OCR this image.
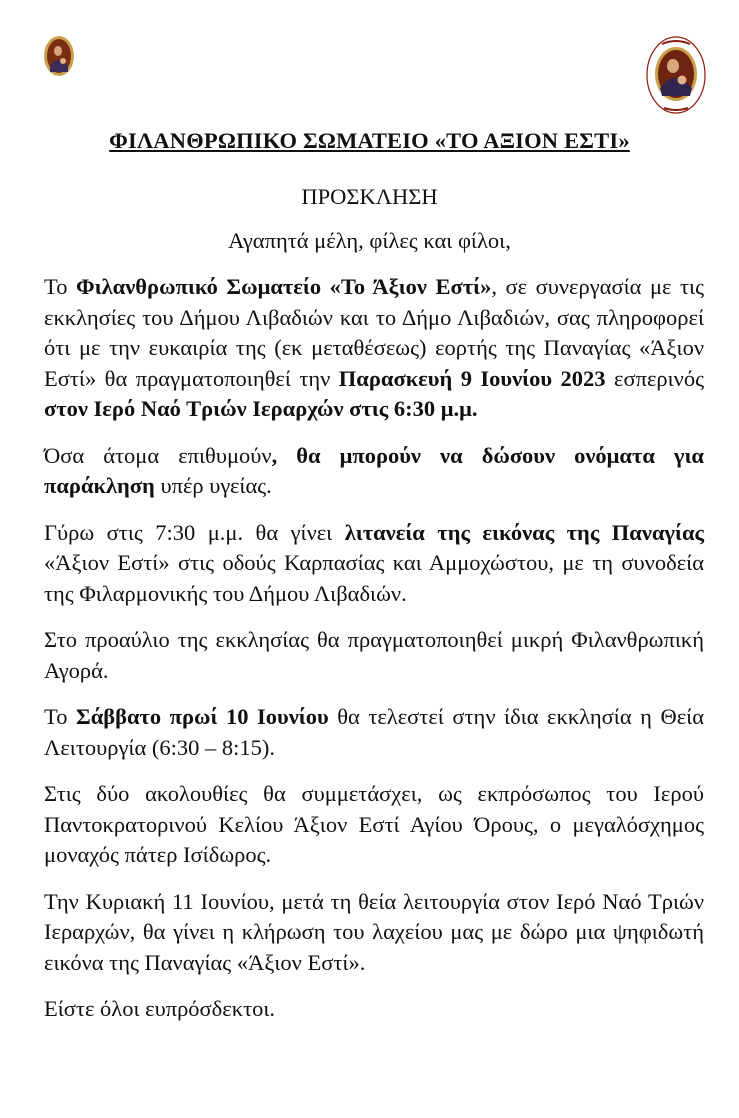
ΦΙΛΑΝΘΡΩΠΙΚΟ ΣΩΜΑΤΕΙΟ «ΤΟ ΑΞΙΟΝ ΕΣΤΙ»
ΠΡΟΣΚΛΗΣΗ
Αγαπητά μέλη, φίλες και φίλοι,

Το Φιλανθρωπικό Σωματείο «Το Άξιον Εστί», σε συνεργασία με τις εκκλησίες του Δήμου Λιβαδιών και το Δήμο Λιβαδιών, σας πληροφορεί ότι με την ευκαιρία της (εκ μεταθέσεως) εορτής της Παναγίας «Άξιον Εστί» θα πραγματοποιηθεί την Παρασκευή 9 Ιουνίου 2023 εσπερινός στον Ιερό Ναό Τριών Ιεραρχών στις 6:30 μ.μ.

Όσα άτομα επιθυμούν, θα μπορούν να δώσουν ονόματα για παράκληση υπέρ υγείας.

Γύρω στις 7:30 μ.μ. θα γίνει λιτανεία της εικόνας της Παναγίας «Άξιον Εστί» στις οδούς Καρπασίας και Αμμοχώστου, με τη συνοδεία της Φιλαρμονικής του Δήμου Λιβαδιών.

Στο προαύλιο της εκκλησίας θα πραγματοποιηθεί μικρή Φιλανθρωπική Αγορά.

Το Σάββατο πρωί 10 Ιουνίου θα τελεστεί στην ίδια εκκλησία η Θεία Λειτουργία (6:30 – 8:15).

Στις δύο ακολουθίες θα συμμετάσχει, ως εκπρόσωπος του Ιερού Παντοκρατορινού Κελίου Άξιον Εστί Αγίου Όρους, ο μεγαλόσχημος μοναχός πάτερ Ισίδωρος.

Την Κυριακή 11 Ιουνίου, μετά τη θεία λειτουργία στον Ιερό Ναό Τριών Ιεραρχών, θα γίνει η κλήρωση του λαχείου μας με δώρο μια ψηφιδωτή εικόνα της Παναγίας «Άξιον Εστί».

Είστε όλοι ευπρόσδεκτοι.
